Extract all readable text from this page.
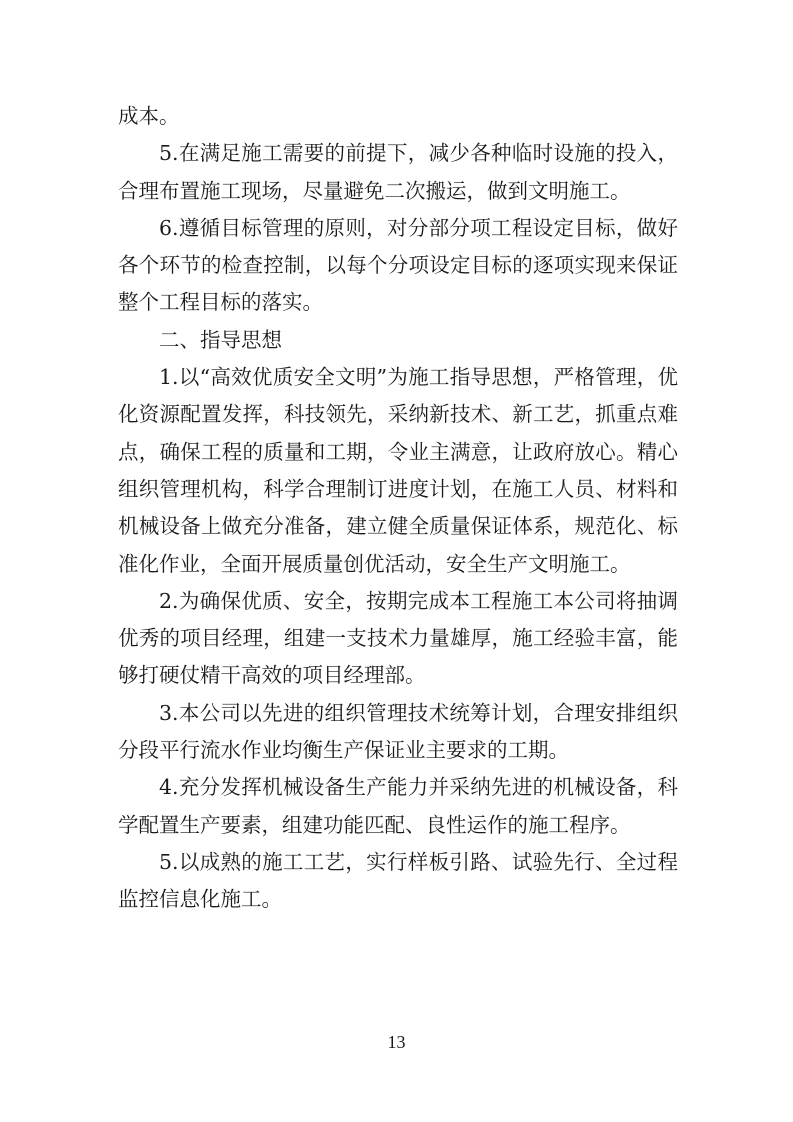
成本。

5.在满足施工需要的前提下，减少各种临时设施的投入，合理布置施工现场，尽量避免二次搬运，做到文明施工。

6.遵循目标管理的原则，对分部分项工程设定目标，做好各个环节的检查控制，以每个分项设定目标的逐项实现来保证整个工程目标的落实。

二、指导思想

1.以“高效优质安全文明”为施工指导思想，严格管理，优化资源配置发挥，科技领先，采纳新技术、新工艺，抓重点难点，确保工程的质量和工期，令业主满意，让政府放心。精心组织管理机构，科学合理制订进度计划，在施工人员、材料和机械设备上做充分准备，建立健全质量保证体系，规范化、标准化作业，全面开展质量创优活动，安全生产文明施工。

2.为确保优质、安全，按期完成本工程施工本公司将抽调优秀的项目经理，组建一支技术力量雄厚，施工经验丰富，能够打硬仗精干高效的项目经理部。

3.本公司以先进的组织管理技术统筹计划，合理安排组织分段平行流水作业均衡生产保证业主要求的工期。

4.充分发挥机械设备生产能力并采纳先进的机械设备，科学配置生产要素，组建功能匹配、良性运作的施工程序。

5.以成熟的施工工艺，实行样板引路、试验先行、全过程监控信息化施工。

13
